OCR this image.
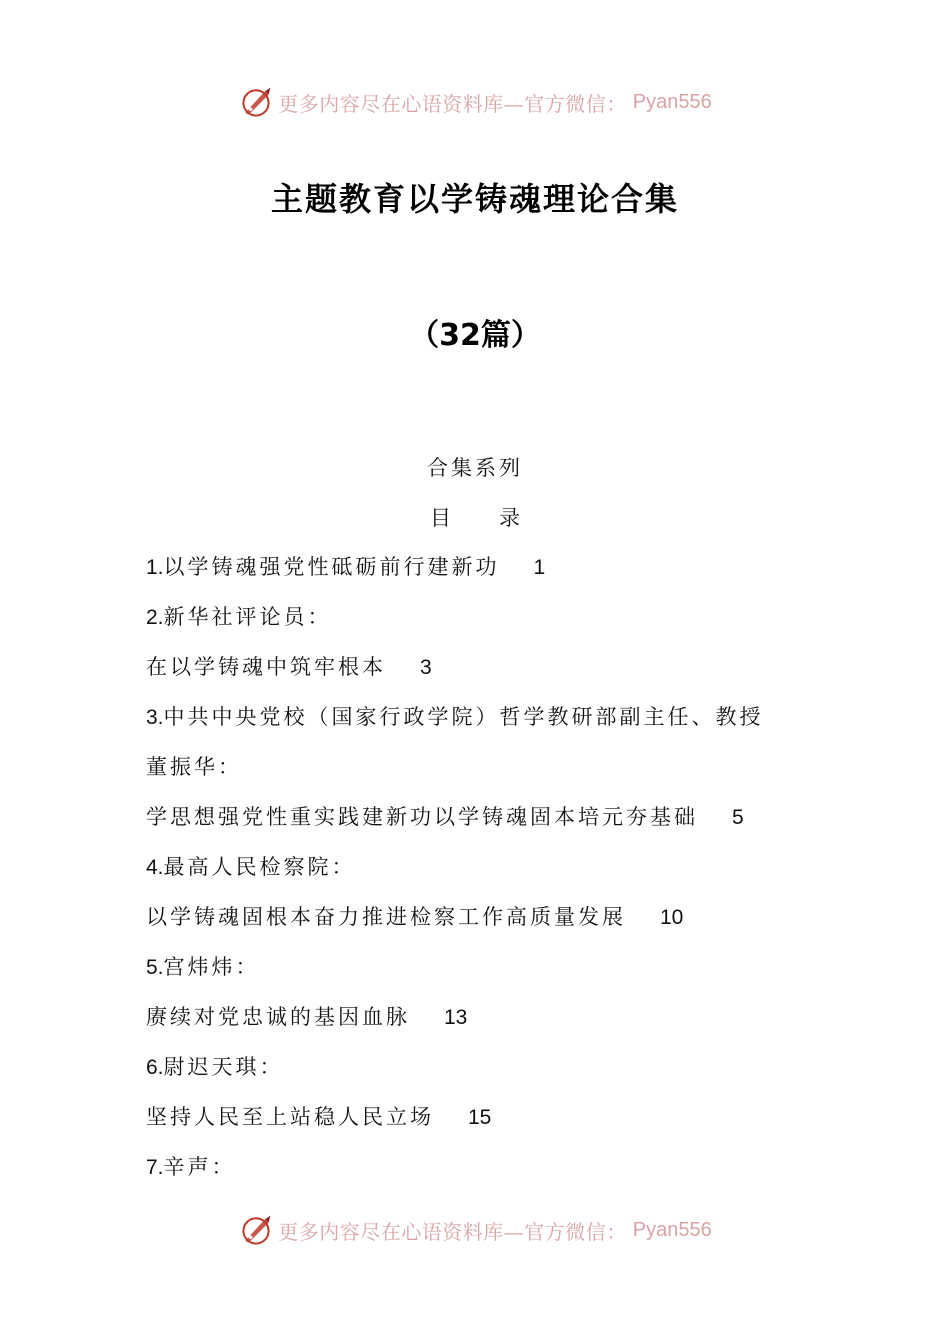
更多内容尽在心语资料库—官方微信： Pyan556
主题教育以学铸魂理论合集
（32篇）
合集系列
目录
1.以学铸魂强党性砥砺前行建新功 1
2.新华社评论员：
在以学铸魂中筑牢根本 3
3.中共中央党校（国家行政学院）哲学教研部副主任、教授
董振华：
学思想强党性重实践建新功以学铸魂固本培元夯基础 5
4.最高人民检察院：
以学铸魂固根本奋力推进检察工作高质量发展 10
5.宫炜炜：
赓续对党忠诚的基因血脉 13
6.尉迟天琪：
坚持人民至上站稳人民立场 15
7.辛声：
更多内容尽在心语资料库—官方微信： Pyan556
